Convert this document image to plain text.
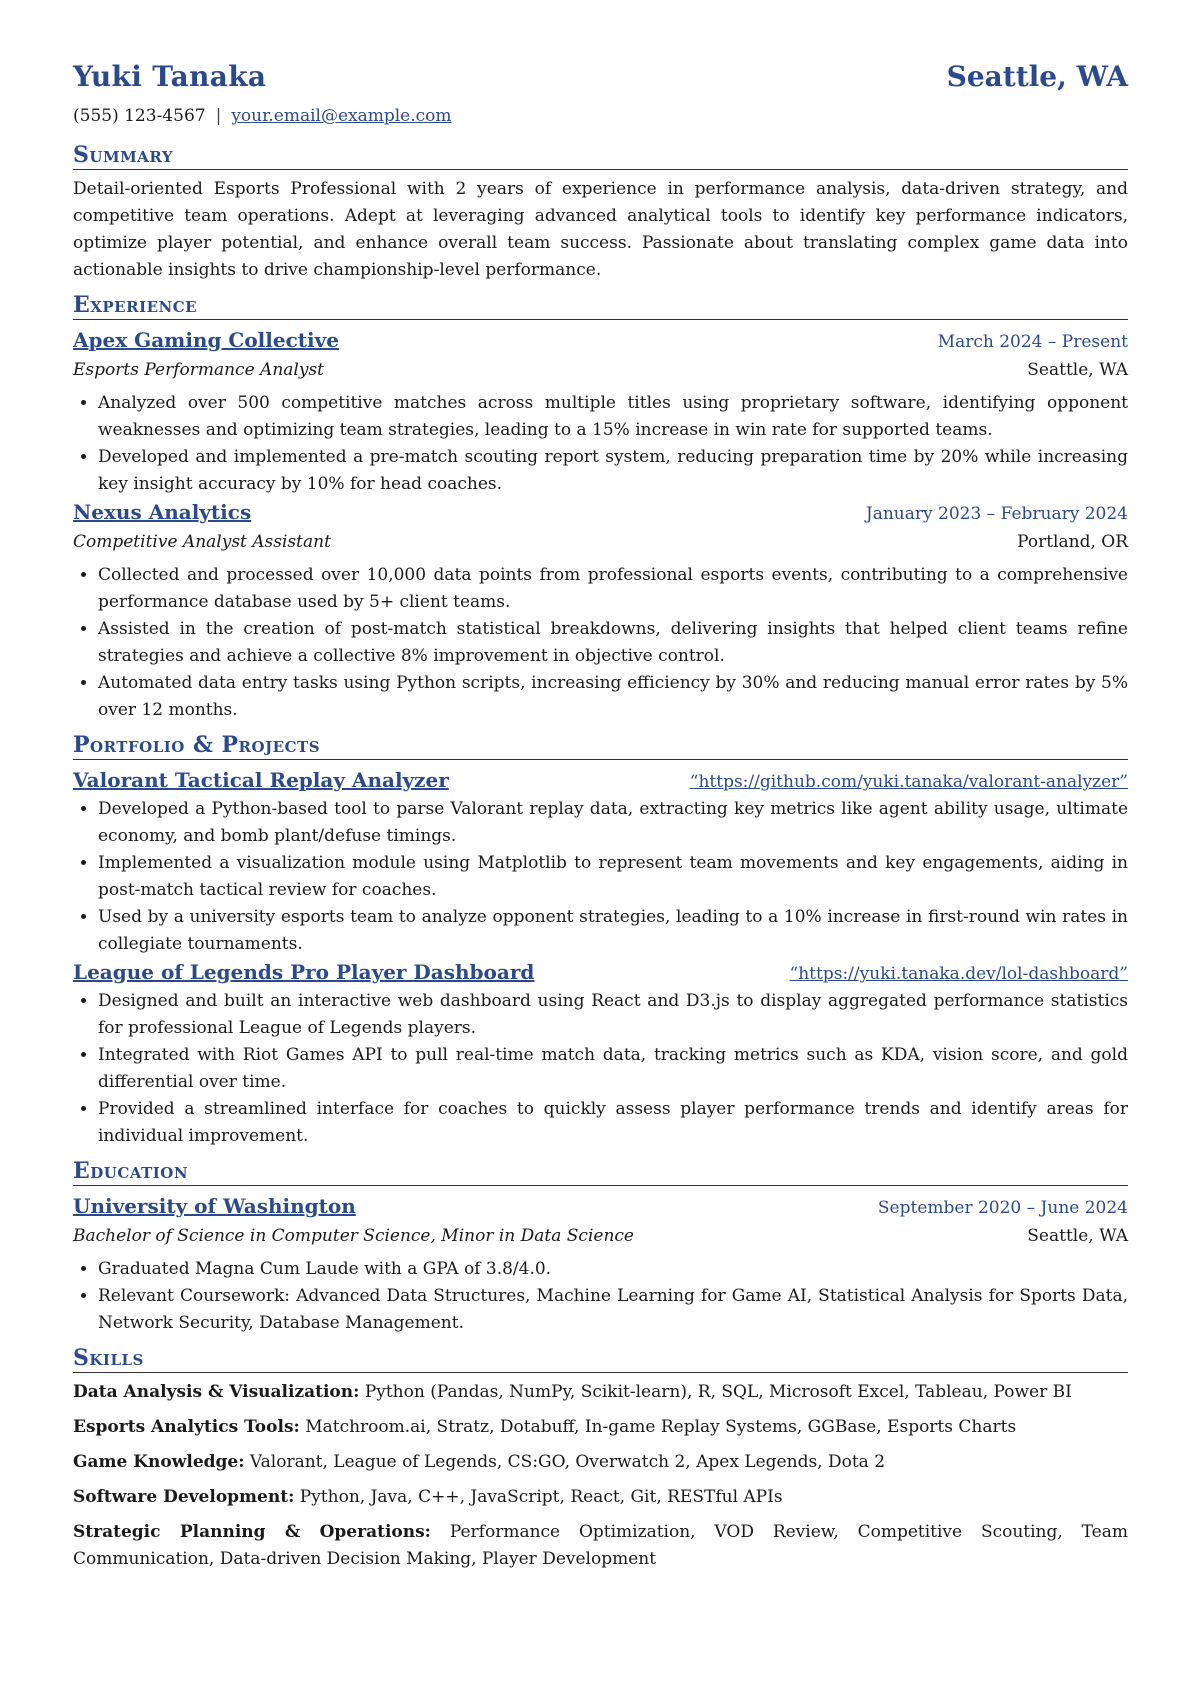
Yuki Tanaka	Seattle, WA
(555) 123-4567 | your.email@example.com
Summary

Detail-oriented Esports Professional with 2 years of experience in performance analysis, data-driven strategy, and competitive team operations. Adept at leveraging advanced analytical tools to identify key performance indicators, optimize player potential, and enhance overall team success. Passionate about translating complex game data into actionable insights to drive championship-level performance.

Experience
Apex Gaming Collective	March 2024 – Present
Esports Performance Analyst	Seattle, WA
• Analyzed over 500 competitive matches across multiple titles using proprietary software, identifying opponent weaknesses and optimizing team strategies, leading to a 15% increase in win rate for supported teams.
• Developed and implemented a pre-match scouting report system, reducing preparation time by 20% while increasing key insight accuracy by 10% for head coaches.
Nexus Analytics	January 2023 – February 2024
Competitive Analyst Assistant	Portland, OR
• Collected and processed over 10,000 data points from professional esports events, contributing to a comprehensive performance database used by 5+ client teams.
• Assisted in the creation of post-match statistical breakdowns, delivering insights that helped client teams refine strategies and achieve a collective 8% improvement in objective control.
• Automated data entry tasks using Python scripts, increasing efficiency by 30% and reducing manual error rates by 5% over 12 months.
Portfolio & Projects
Valorant Tactical Replay Analyzer	“https://github.com/yuki.tanaka/valorant-analyzer”
• Developed a Python-based tool to parse Valorant replay data, extracting key metrics like agent ability usage, ultimate economy, and bomb plant/defuse timings.
• Implemented a visualization module using Matplotlib to represent team movements and key engagements, aiding in post-match tactical review for coaches.
• Used by a university esports team to analyze opponent strategies, leading to a 10% increase in first-round win rates in collegiate tournaments.
League of Legends Pro Player Dashboard	“https://yuki.tanaka.dev/lol-dashboard”
• Designed and built an interactive web dashboard using React and D3.js to display aggregated performance statistics for professional League of Legends players.
• Integrated with Riot Games API to pull real-time match data, tracking metrics such as KDA, vision score, and gold differential over time.
• Provided a streamlined interface for coaches to quickly assess player performance trends and identify areas for individual improvement.
Education
University of Washington	September 2020 – June 2024
Bachelor of Science in Computer Science, Minor in Data Science	Seattle, WA
• Graduated Magna Cum Laude with a GPA of 3.8/4.0.
• Relevant Coursework: Advanced Data Structures, Machine Learning for Game AI, Statistical Analysis for Sports Data, Network Security, Database Management.
Skills

Data Analysis & Visualization: Python (Pandas, NumPy, Scikit-learn), R, SQL, Microsoft Excel, Tableau, Power BI

Esports Analytics Tools: Matchroom.ai, Stratz, Dotabuff, In-game Replay Systems, GGBase, Esports Charts

Game Knowledge: Valorant, League of Legends, CS:GO, Overwatch 2, Apex Legends, Dota 2

Software Development: Python, Java, C++, JavaScript, React, Git, RESTful APIs

Strategic Planning & Operations: Performance Optimization, VOD Review, Competitive Scouting, Team Communication, Data-driven Decision Making, Player Development
